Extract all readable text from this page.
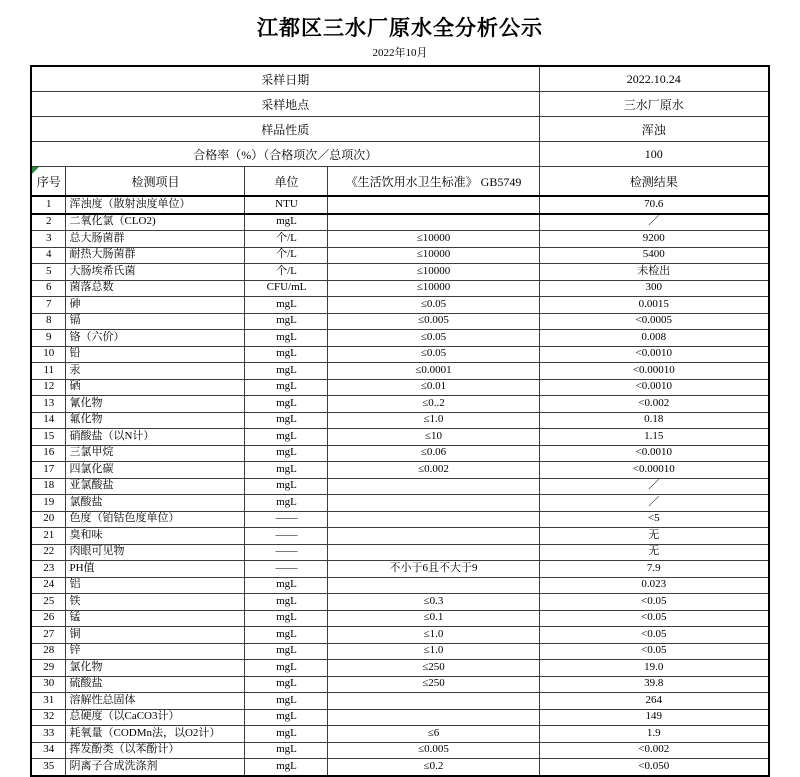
江都区三水厂原水全分析公示
2022年10月
采样日期				2022.10.24
采样地点				三水厂原水
样品性质				浑浊
合格率（%）（合格项次／总项次）				100

序号	检测项目	单位	《生活饮用水卫生标准》 GB5749	检测结果
1	浑浊度（散射浊度单位）	NTU		70.6
2	二氧化氯（CLO2)	mgL		／
3	总大肠菌群	个/L	≤10000	9200
4	耐热大肠菌群	个/L	≤10000	5400
5	大肠埃希氏菌	个/L	≤10000	未检出
6	菌落总数	CFU/mL	≤10000	300
7	砷	mgL	≤0.05	0.0015
8	镉	mgL	≤0.005	<0.0005
9	铬（六价）	mgL	≤0.05	0.008
10	铅	mgL	≤0.05	<0.0010
11	汞	mgL	≤0.0001	<0.00010
12	硒	mgL	≤0.01	<0.0010
13	氰化物	mgL	≤0..2	<0.002
14	氟化物	mgL	≤1.0	0.18
15	硝酸盐（以N计）	mgL	≤10	1.15
16	三氯甲烷	mgL	≤0.06	<0.0010
17	四氯化碳	mgL	≤0.002	<0.00010
18	亚氯酸盐	mgL		／
19	氯酸盐	mgL		／
20	色度（铂钴色度单位）	——		<5
21	臭和味	——		无
22	肉眼可见物	——		无
23	PH值	——	不小于6且不大于9	7.9
24	铝	mgL		0.023
25	铁	mgL	≤0.3	<0.05
26	锰	mgL	≤0.1	<0.05
27	铜	mgL	≤1.0	<0.05
28	锌	mgL	≤1.0	<0.05
29	氯化物	mgL	≤250	19.0
30	硫酸盐	mgL	≤250	39.8
31	溶解性总固体	mgL		264
32	总硬度（以CaCO3计）	mgL		149
33	耗氧量（CODMn法，以O2计）	mgL	≤6	1.9
34	挥发酚类（以苯酚计）	mgL	≤0.005	<0.002
35	阴离子合成洗涤剂	mgL	≤0.2	<0.050
